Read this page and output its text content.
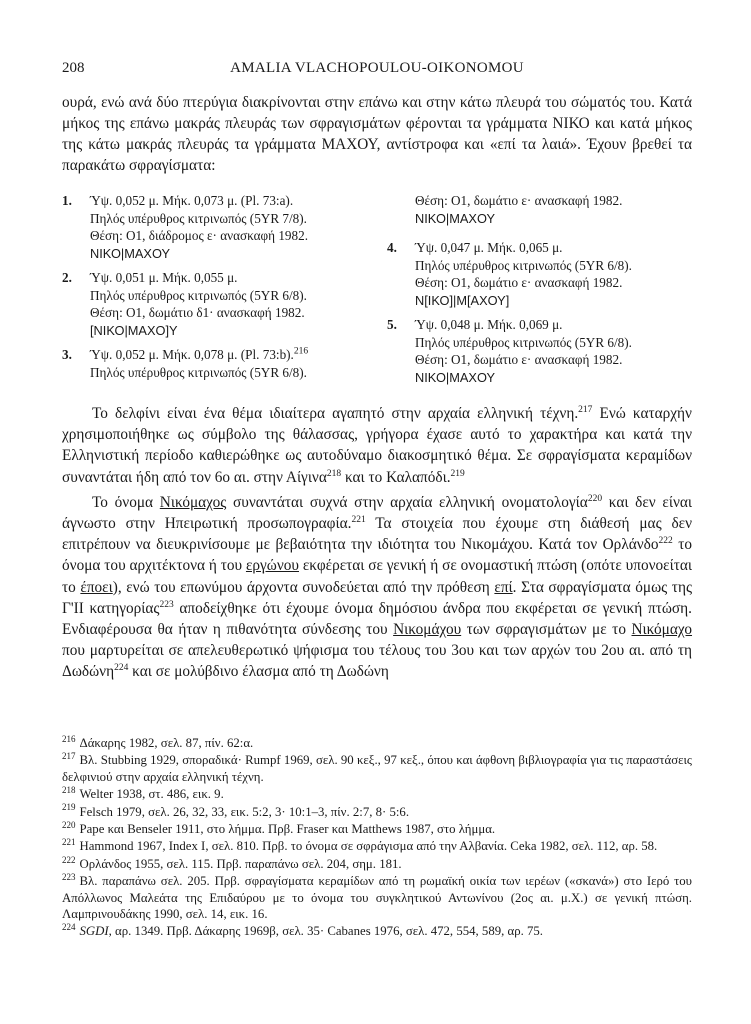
208	AMALIA VLACHOPOULOU-OIKONOMOU

ουρά, ενώ ανά δύο πτερύγια διακρίνονται στην επάνω και στην κάτω πλευρά του σώματός του. Κατά μήκος της επάνω μακράς πλευράς των σφραγισμάτων φέρονται τα γράμματα ΝΙΚΟ και κατά μήκος της κάτω μακράς πλευράς τα γράμματα ΜΑΧΟΥ, αντίστροφα και «επί τα λαιά». Έχουν βρεθεί τα παρακάτω σφραγίσματα:

1. Ύψ. 0,052 μ. Μήκ. 0,073 μ. (Pl. 73:a).
Πηλός υπέρυθρος κιτρινωπός (5YR 7/8).
Θέση: Ο1, διάδρομος ε· ανασκαφή 1982.
ΝΙΚΟ|ΜΑΧΟΥ
2. Ύψ. 0,051 μ. Μήκ. 0,055 μ.
Πηλός υπέρυθρος κιτρινωπός (5YR 6/8).
Θέση: Ο1, δωμάτιο δ1· ανασκαφή 1982.
[ΝΙΚΟ|ΜΑΧΟ]Υ
3. Ύψ. 0,052 μ. Μήκ. 0,078 μ. (Pl. 73:b).$^{216}$
Πηλός υπέρυθρος κιτρινωπός (5YR 6/8).
Θέση: Ο1, δωμάτιο ε· ανασκαφή 1982.
ΝΙΚΟ|ΜΑΧΟΥ
4. Ύψ. 0,047 μ. Μήκ. 0,065 μ.
Πηλός υπέρυθρος κιτρινωπός (5YR 6/8).
Θέση: Ο1, δωμάτιο ε· ανασκαφή 1982.
Ν[ΙΚΟ]|Μ[ΑΧΟΥ]
5. Ύψ. 0,048 μ. Μήκ. 0,069 μ.
Πηλός υπέρυθρος κιτρινωπός (5YR 6/8).
Θέση: Ο1, δωμάτιο ε· ανασκαφή 1982.
ΝΙΚΟ|ΜΑΧΟΥ

Το δελφίνι είναι ένα θέμα ιδιαίτερα αγαπητό στην αρχαία ελληνική τέχνη.$^{217}$ Ενώ καταρχήν χρησιμοποιήθηκε ως σύμβολο της θάλασσας, γρήγορα έχασε αυτό το χαρακτήρα και κατά την Ελληνιστική περίοδο καθιερώθηκε ως αυτοδύναμο διακοσμητικό θέμα. Σε σφραγίσματα κεραμίδων συναντάται ήδη από τον 6ο αι. στην Αίγινα$^{218}$ και το Καλαπόδι.$^{219}$

Το όνομα Νικόμαχος συναντάται συχνά στην αρχαία ελληνική ονοματολογία$^{220}$ και δεν είναι άγνωστο στην Ηπειρωτική προσωπογραφία.$^{221}$ Τα στοιχεία που έχουμε στη διάθεσή μας δεν επιτρέπουν να διευκρινίσουμε με βεβαιότητα την ιδιότητα του Νικομάχου. Κατά τον Ορλάνδο$^{222}$ το όνομα του αρχιτέκτονα ή του εργώνου εκφέρεται σε γενική ή σε ονομαστική πτώση (οπότε υπονοείται το έποει), ενώ του επωνύμου άρχοντα συνοδεύεται από την πρόθεση επί. Στα σφραγίσματα όμως της Γ'ΙΙ κατηγορίας$^{223}$ αποδείχθηκε ότι έχουμε όνομα δημόσιου άνδρα που εκφέρεται σε γενική πτώση. Ενδιαφέρουσα θα ήταν η πιθανότητα σύνδεσης του Νικομάχου των σφραγισμάτων με το Νικόμαχο που μαρτυρείται σε απελευθερωτικό ψήφισμα του τέλους του 3ου και των αρχών του 2ου αι. από τη Δωδώνη$^{224}$ και σε μολύβδινο έλασμα από τη Δωδώνη

$^{216}$ Δάκαρης 1982, σελ. 87, πίν. 62:α.

$^{217}$ Βλ. Stubbing 1929, σποραδικά· Rumpf 1969, σελ. 90 κεξ., 97 κεξ., όπου και άφθονη βιβλιογραφία για τις παραστάσεις δελφινιού στην αρχαία ελληνική τέχνη.

$^{218}$ Welter 1938, στ. 486, εικ. 9.

$^{219}$ Felsch 1979, σελ. 26, 32, 33, εικ. 5:2, 3· 10:1–3, πίν. 2:7, 8· 5:6.

$^{220}$ Pape και Benseler 1911, στο λήμμα. Πρβ. Fraser και Matthews 1987, στο λήμμα.

$^{221}$ Hammond 1967, Index I, σελ. 810. Πρβ. το όνομα σε σφράγισμα από την Αλβανία. Ceka 1982, σελ. 112, αρ. 58.

$^{222}$ Ορλάνδος 1955, σελ. 115. Πρβ. παραπάνω σελ. 204, σημ. 181.

$^{223}$ Βλ. παραπάνω σελ. 205. Πρβ. σφραγίσματα κεραμίδων από τη ρωμαϊκή οικία των ιερέων («σκανά») στο Ιερό του Απόλλωνος Μαλεάτα της Επιδαύρου με το όνομα του συγκλητικού Αντωνίνου (2ος αι. μ.Χ.) σε γενική πτώση. Λαμπρινουδάκης 1990, σελ. 14, εικ. 16.

$^{224}$ SGDI, αρ. 1349. Πρβ. Δάκαρης 1969β, σελ. 35· Cabanes 1976, σελ. 472, 554, 589, αρ. 75.
